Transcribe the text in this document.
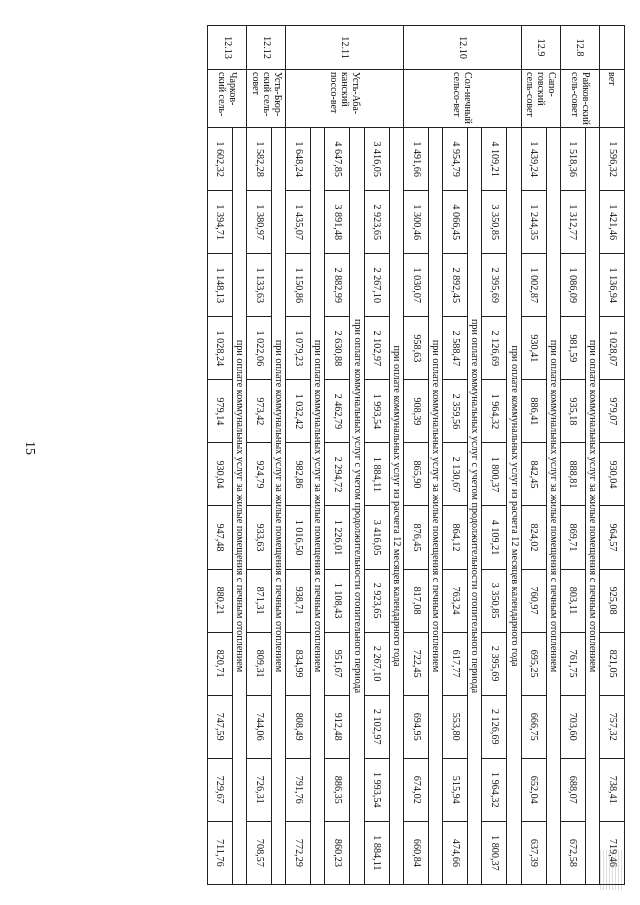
15
	вет	1 596,32	1 421,46	1 136,94	1 028,07	979,07	930,04	964,57	925,08	821,05	757,32	738,41	719,46
12.8	Райков-ский сель-совет	при оплате коммунальных услуг за жилые помещения с печным отоплением											
		1 518,36	1 312,77	1 086,09	981,59	935,18	888,81	869,71	803,11	761,75	703,60	688,07	672,58
12.9	Сапо-говский сель-совет	при оплате коммунальных услуг за жилые помещения с печным отоплением											
		1 439,24	1 244,35	1 002,87	930,41	886,41	842,45	824,02	760,97	695,25	666,75	652,04	637,39
12.10	Сол-нечный сельсо-вет	при оплате коммунальных услуг из расчета 12 месяцев календарного года											
		4 109,21	3 350,85	2 395,69	2 126,69	1 964,32	1 800,37	4 109,21	3 350,85	2 395,69	2 126,69	1 964,32	1 800,37
		при оплате коммунальных услуг с учетом продолжительности отопительного периода											
		4 954,79	4 066,45	2 892,45	2 588,47	2 359,56	2 130,67	864,12	763,24	617,77	553,80	515,94	474,66
		при оплате коммунальных услуг за жилые помещения с печным отоплением											
		1 491,66	1 300,46	1 030,07	958,63	908,39	865,90	876,45	817,08	722,45	694,95	674,02	660,84
12.11	Усть-Аба-канский поссо-вет	при оплате коммунальных услуг из расчета 12 месяцев календарного года											
		3 416,05	2 923,65	2 267,10	2 102,97	1 993,54	1 884,11	3 416,05	2 923,65	2 267,10	2 102,97	1 993,54	1 884,11
		при оплате коммунальных услуг с учетом продолжительности отопительного периода											
		4 647,85	3 891,48	2 882,99	2 630,88	2 462,79	2 294,72	1 226,01	1 108,43	951,67	912,48	886,35	860,23
		при оплате коммунальных услуг за жилые помещения с печным отоплением											
		1 648,24	1 435,07	1 150,86	1 079,23	1 032,42	982,86	1 016,50	938,71	834,99	808,49	791,76	772,29
12.12	Усть-Бюр-ский сель-совет	при оплате коммунальных услуг за жилые помещения с печным отоплением											
		1 582,28	1 380,97	1 133,63	1 022,06	973,42	924,79	933,63	871,31	809,31	744,06	726,31	708,57
12.13	Чарков-ский сель-	при оплате коммунальных услуг за жилые помещения с печным отоплением											
		1 602,32	1 394,71	1 148,13	1 028,24	979,14	930,04	947,48	880,21	820,71	747,59	729,67	711,76
